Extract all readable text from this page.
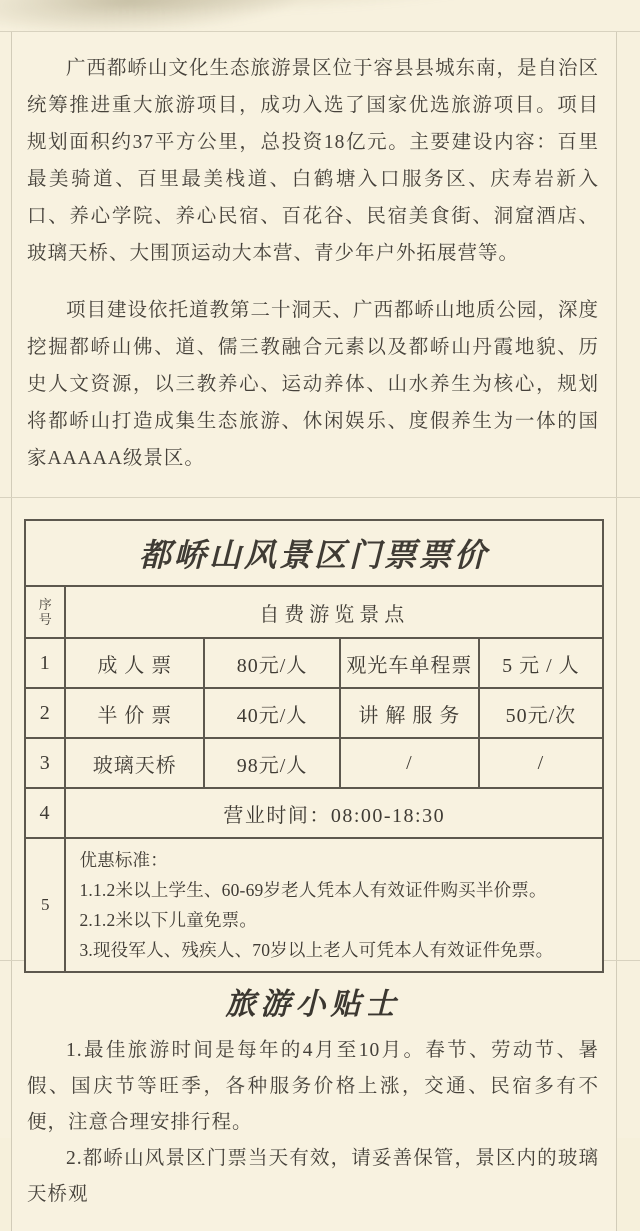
广西都峤山文化生态旅游景区位于容县县城东南，是自治区统筹推进重大旅游项目，成功入选了国家优选旅游项目。项目规划面积约37平方公里，总投资18亿元。主要建设内容：百里最美骑道、百里最美栈道、白鹤塘入口服务区、庆寿岩新入口、养心学院、养心民宿、百花谷、民宿美食街、洞窟酒店、玻璃天桥、大围顶运动大本营、青少年户外拓展营等。

项目建设依托道教第二十洞天、广西都峤山地质公园，深度挖掘都峤山佛、道、儒三教融合元素以及都峤山丹霞地貌、历史人文资源，以三教养心、运动养体、山水养生为核心，规划将都峤山打造成集生态旅游、休闲娱乐、度假养生为一体的国家AAAAA级景区。

都峤山风景区门票票价				

序号	自费游览景点			
1	成 人 票	80元/人	观光车单程票	5 元 / 人
2	半 价 票	40元/人	讲 解 服 务	50元/次
3	玻璃天桥	98元/人	/	/
4	营业时间：08:00-18:30			
5	优惠标准：
1.1.2米以上学生、60-69岁老人凭本人有效证件购买半价票。
2.1.2米以下儿童免票。
3.现役军人、残疾人、70岁以上老人可凭本人有效证件免票。			
旅游小贴士

1.最佳旅游时间是每年的4月至10月。春节、劳动节、暑假、国庆节等旺季，各种服务价格上涨，交通、民宿多有不便，注意合理安排行程。

2.都峤山风景区门票当天有效，请妥善保管，景区内的玻璃天桥观
